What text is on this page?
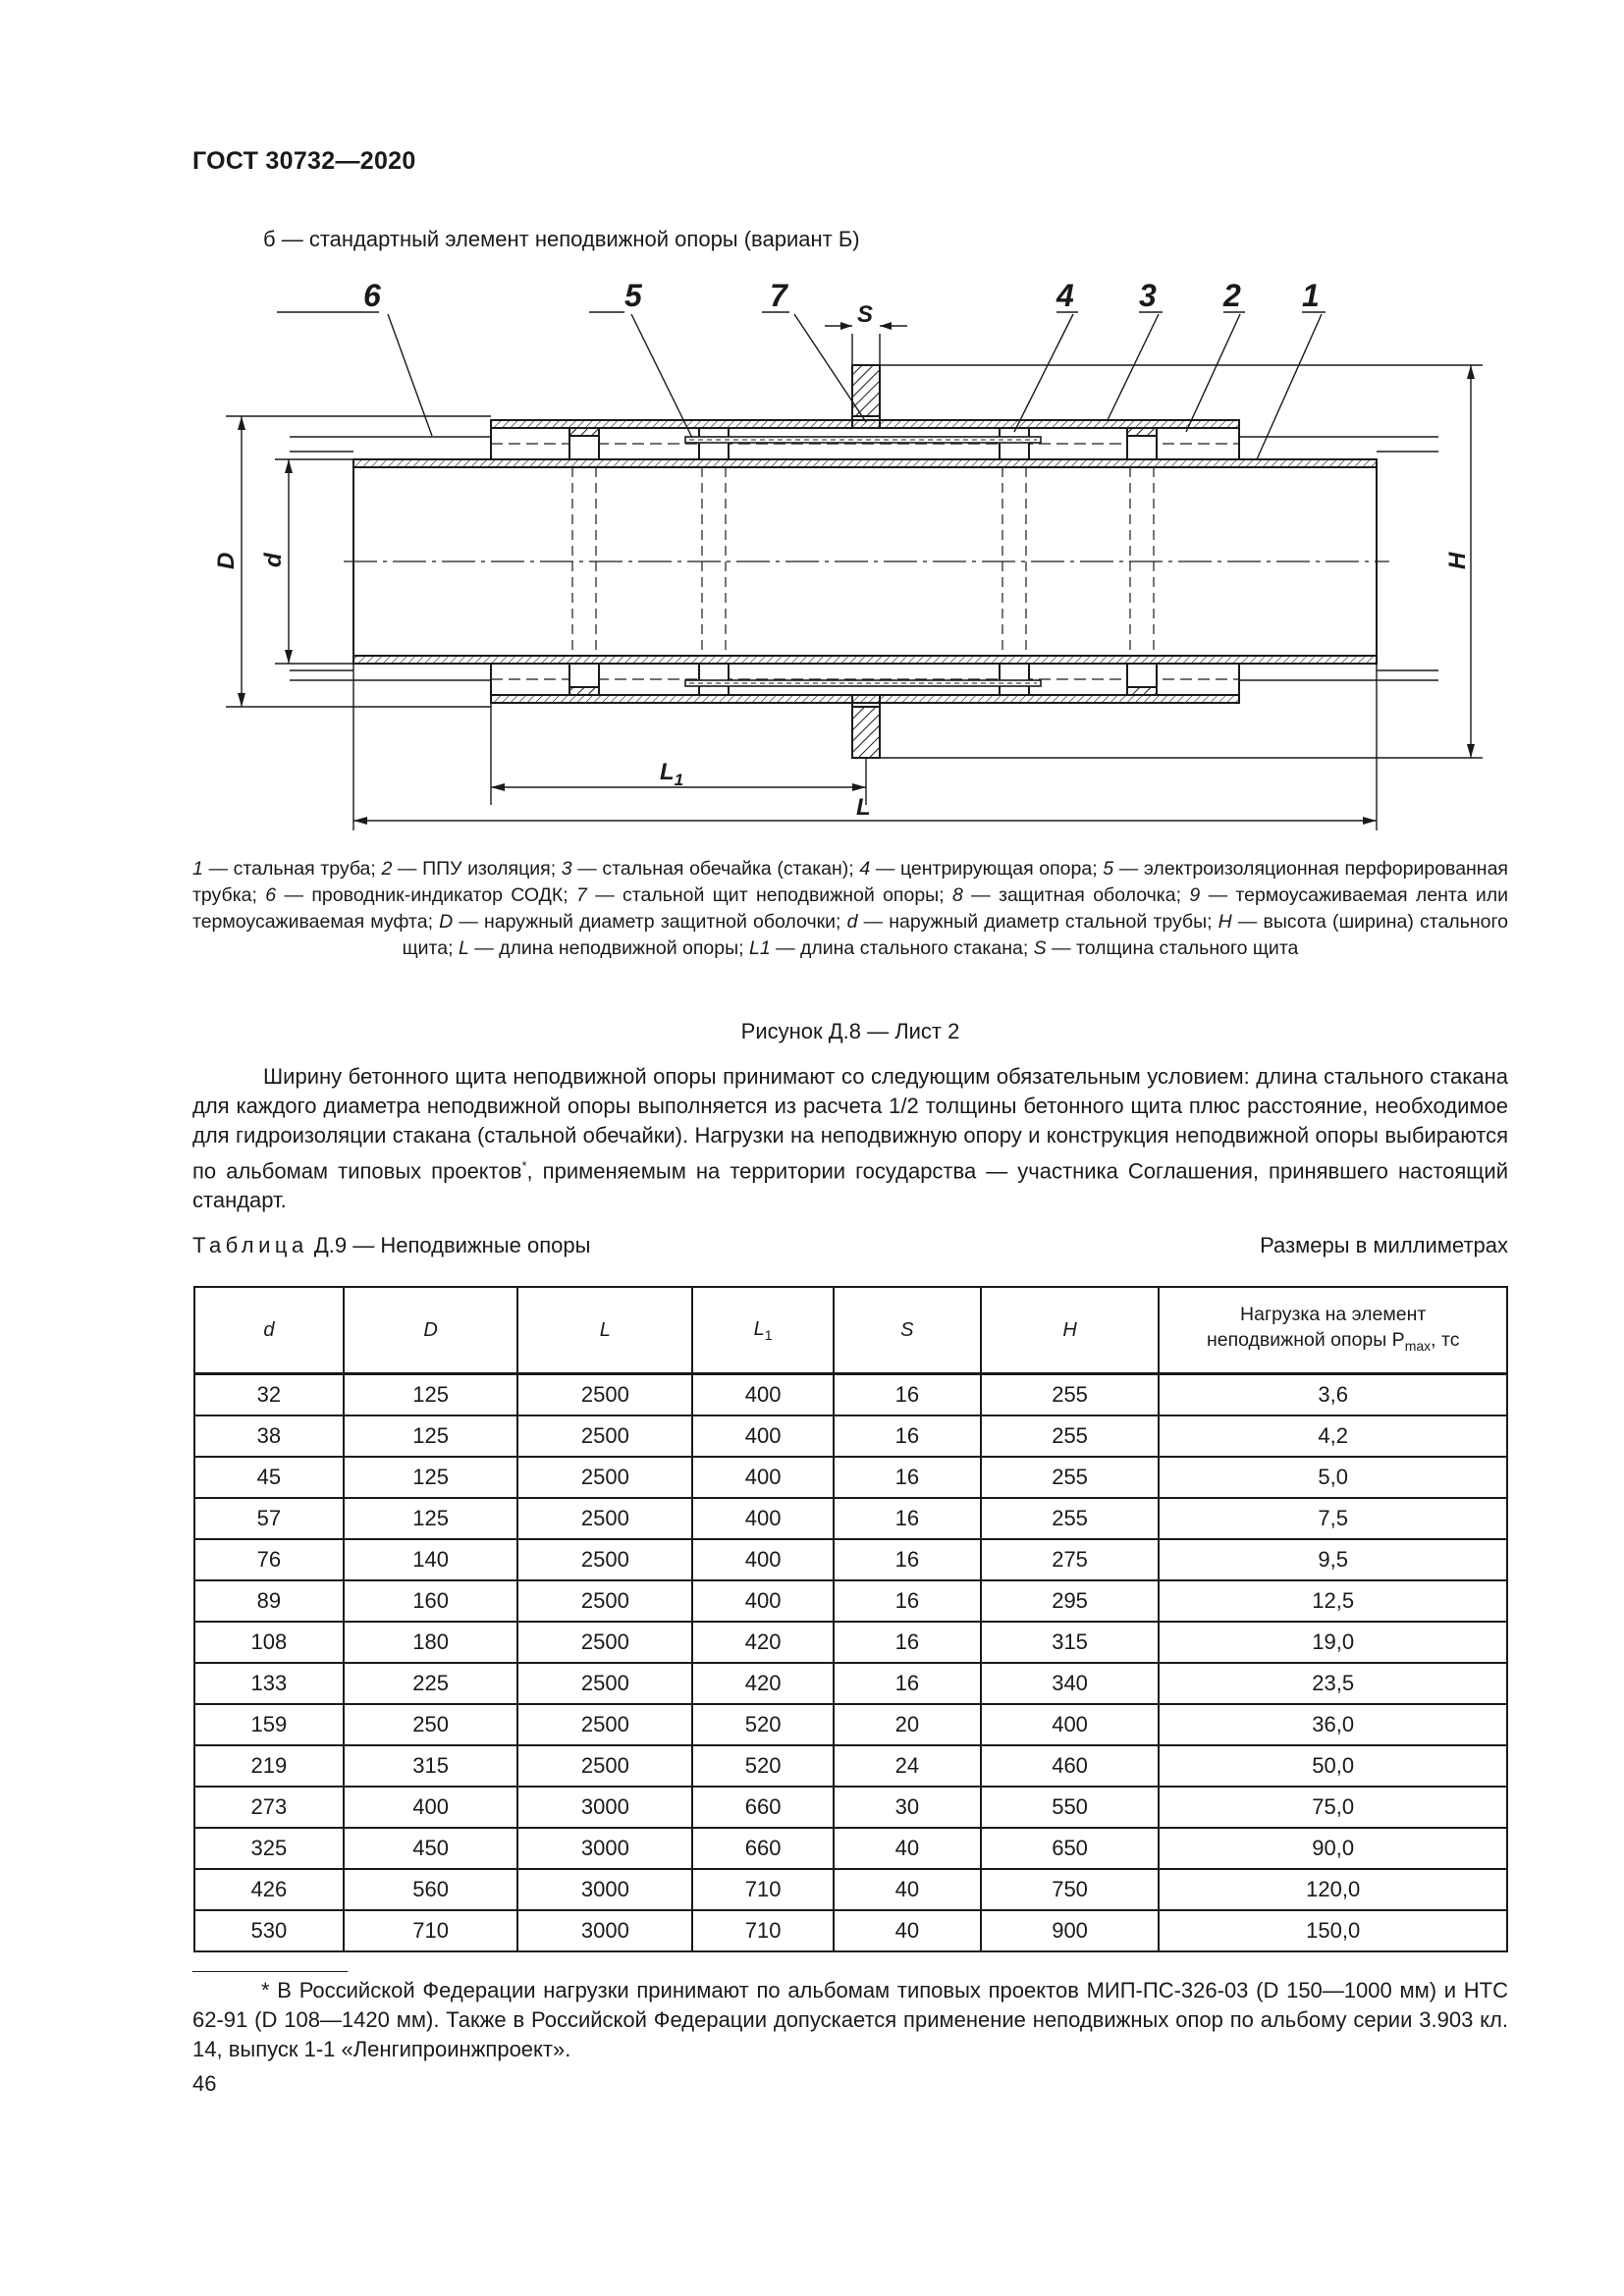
ГОСТ 30732—2020
б — стандартный элемент неподвижной опоры (вариант Б)
6	5	7	4 3 2 1
S
D d	H
$L_1$
L
1 — стальная труба; 2 — ППУ изоляция; 3 — стальная обечайка (стакан); 4 — центрирующая опора; 5 — электроизоляционная перфорированная трубка; 6 — проводник-индикатор СОДК; 7 — стальной щит неподвижной опоры; 8 — защитная оболочка; 9 — термоусаживаемая лента или термоусаживаемая муфта; D — наружный диаметр защитной оболочки; d — наружный диаметр стальной трубы; H — высота (ширина) стального щита; L — длина неподвижной опоры; L1 — длина стального стакана; S — толщина стального щита
Рисунок Д.8 — Лист 2
Ширину бетонного щита неподвижной опоры принимают со следующим обязательным условием: длина стального стакана для каждого диаметра неподвижной опоры выполняется из расчета 1/2 толщины бетонного щита плюс расстояние, необходимое для гидроизоляции стакана (стальной обечайки). Нагрузки на неподвижную опору и конструкция неподвижной опоры выбираются по альбомам типовых проектов*, применяемым на территории государства — участника Соглашения, принявшего настоящий стандарт.
Таблица Д.9 — Неподвижные опоры	Размеры в миллиметрах
d	D	L	$L_1$	S	H	Нагрузка на элемент
неподвижной опоры $P_{max}$, тс
32	125	2500	400	16	255	3,6
38	125	2500	400	16	255	4,2
45	125	2500	400	16	255	5,0
57	125	2500	400	16	255	7,5
76	140	2500	400	16	275	9,5
89	160	2500	400	16	295	12,5
108	180	2500	420	16	315	19,0
133	225	2500	420	16	340	23,5
159	250	2500	520	20	400	36,0
219	315	2500	520	24	460	50,0
273	400	3000	660	30	550	75,0
325	450	3000	660	40	650	90,0
426	560	3000	710	40	750	120,0
530	710	3000	710	40	900	150,0
* В Российской Федерации нагрузки принимают по альбомам типовых проектов МИП-ПС-326-03 (D 150—1000 мм) и НТС 62-91 (D 108—1420 мм). Также в Российской Федерации допускается применение неподвижных опор по альбому серии 3.903 кл. 14, выпуск 1-1 «Ленгипроинжпроект».
46
